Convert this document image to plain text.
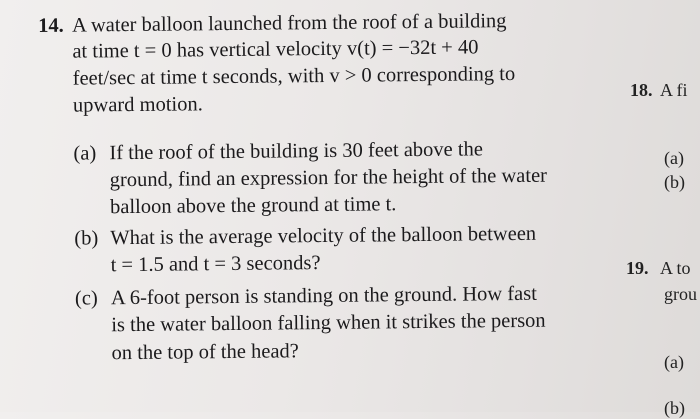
14. A water balloon launched from the roof of a building
at time t = 0 has vertical velocity v(t) = −32t + 40
feet/sec at time t seconds, with v > 0 corresponding to
upward motion.
(a) If the roof of the building is 30 feet above the
ground, find an expression for the height of the water
balloon above the ground at time t.
(b) What is the average velocity of the balloon between
t = 1.5 and t = 3 seconds?
(c) A 6-foot person is standing on the ground. How fast
is the water balloon falling when it strikes the person
on the top of the head?
18. A fi
(a)
(b)
19. A to
grou
(a)
(b)
